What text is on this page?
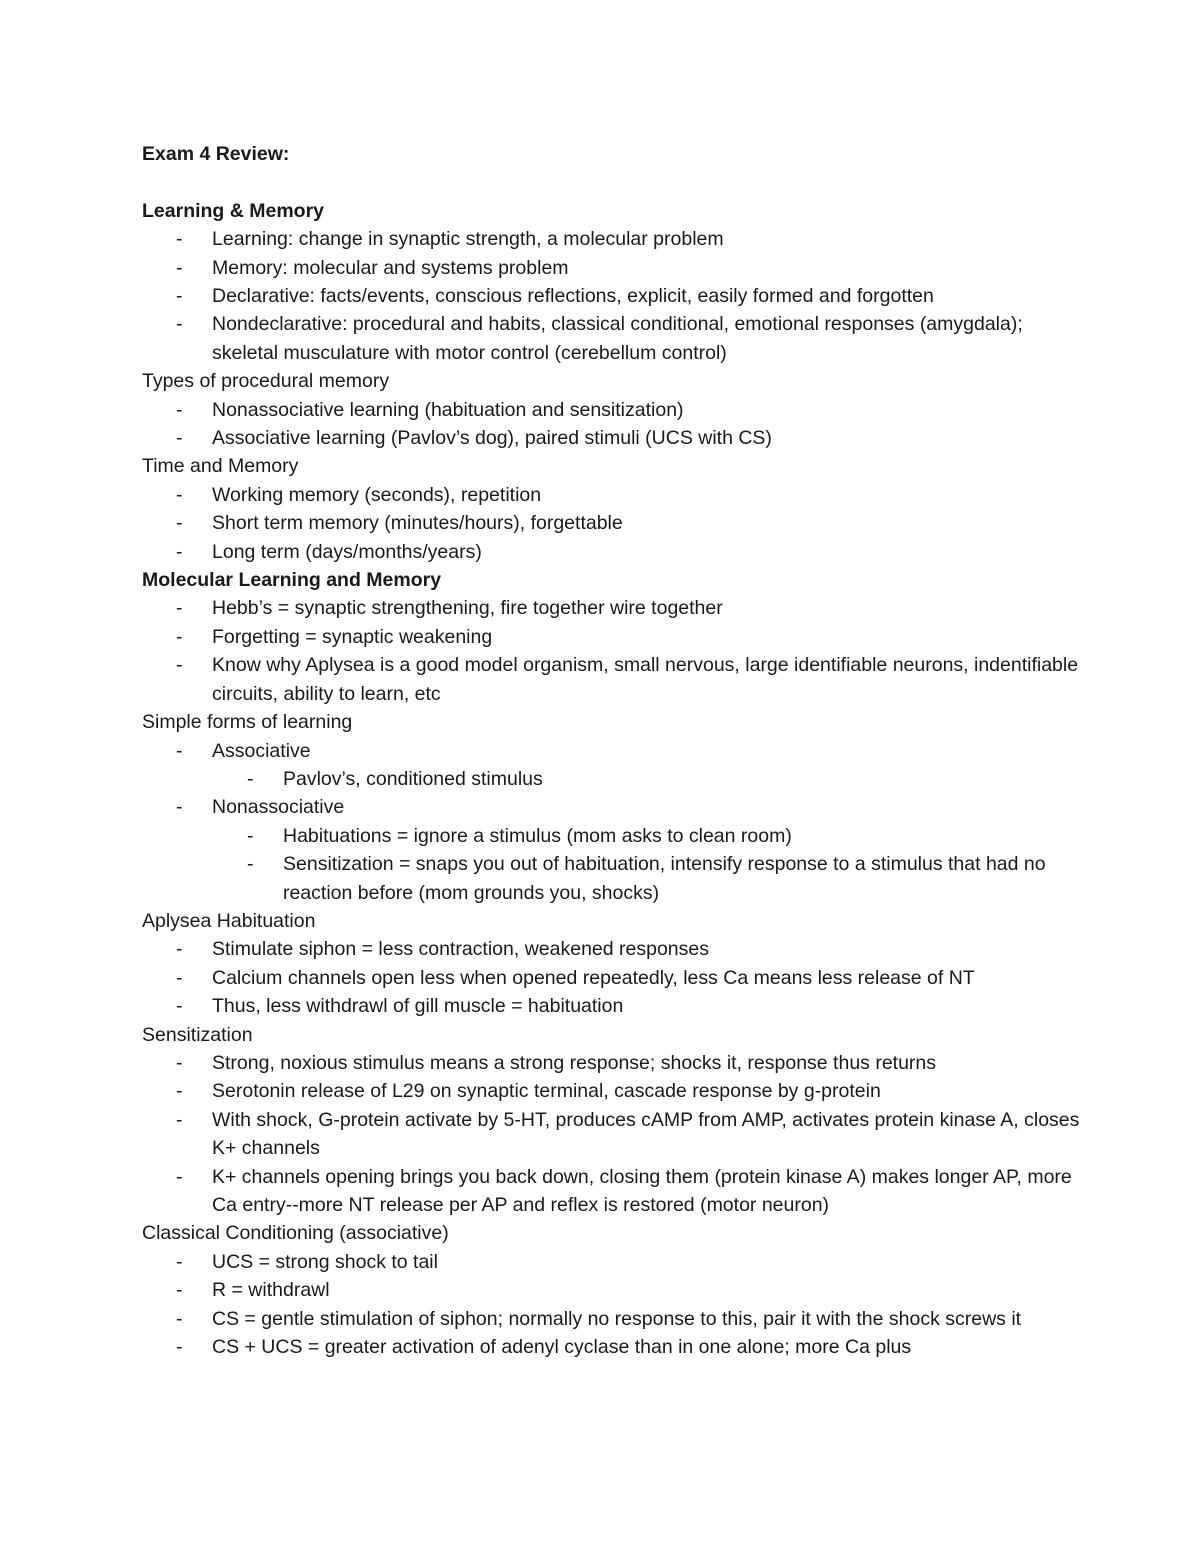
Exam 4 Review:
Learning & Memory
- Learning: change in synaptic strength, a molecular problem
- Memory: molecular and systems problem
- Declarative: facts/events, conscious reflections, explicit, easily formed and forgotten
- Nondeclarative: procedural and habits, classical conditional, emotional responses (amygdala); skeletal musculature with motor control (cerebellum control)
Types of procedural memory
- Nonassociative learning (habituation and sensitization)
- Associative learning (Pavlov’s dog), paired stimuli (UCS with CS)
Time and Memory
- Working memory (seconds), repetition
- Short term memory (minutes/hours), forgettable
- Long term (days/months/years)
Molecular Learning and Memory
- Hebb’s = synaptic strengthening, fire together wire together
- Forgetting = synaptic weakening
- Know why Aplysea is a good model organism, small nervous, large identifiable neurons, indentifiable circuits, ability to learn, etc
Simple forms of learning
- Associative
- Pavlov’s, conditioned stimulus
- Nonassociative
- Habituations = ignore a stimulus (mom asks to clean room)
- Sensitization = snaps you out of habituation, intensify response to a stimulus that had no reaction before (mom grounds you, shocks)
Aplysea Habituation
- Stimulate siphon = less contraction, weakened responses
- Calcium channels open less when opened repeatedly, less Ca means less release of NT
- Thus, less withdrawl of gill muscle = habituation
Sensitization
- Strong, noxious stimulus means a strong response; shocks it, response thus returns
- Serotonin release of L29 on synaptic terminal, cascade response by g-protein
- With shock, G-protein activate by 5-HT, produces cAMP from AMP, activates protein kinase A, closes K+ channels
- K+ channels opening brings you back down, closing them (protein kinase A) makes longer AP, more Ca entry--more NT release per AP and reflex is restored (motor neuron)
Classical Conditioning (associative)
- UCS = strong shock to tail
- R = withdrawl
- CS = gentle stimulation of siphon; normally no response to this, pair it with the shock screws it
- CS + UCS = greater activation of adenyl cyclase than in one alone; more Ca plus
